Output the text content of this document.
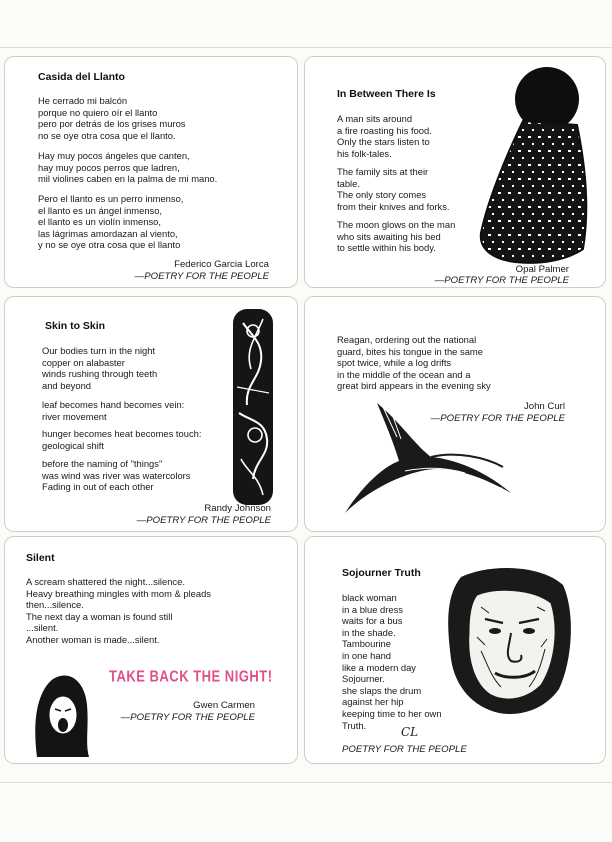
Casida del Llanto
He cerrado mi balcón
porque no quiero oír el llanto
pero por detrás de los grises muros
no se oye otra cosa que el llanto.
Hay muy pocos ángeles que canten,
hay muy pocos perros que ladren,
mil violines caben en la palma de mi mano.
Pero el llanto es un perro inmenso,
el llanto es un ángel inmenso,
el llanto es un violín inmenso,
las lágrimas amordazan al viento,
y no se oye otra cosa que el llanto
Federico Garcia Lorca
—POETRY FOR THE PEOPLE
In Between There Is
A man sits around
a fire roasting his food.
Only the stars listen to
his folk-tales.
The family sits at their
table.
The only story comes
from their knives and forks.
The moon glows on the man
who sits awaiting his bed
to settle within his body.
Opal Palmer
—POETRY FOR THE PEOPLE
Skin to Skin
Our bodies turn in the night
copper on alabaster
winds rushing through teeth
and beyond
leaf becomes hand becomes vein:
river movement
hunger becomes heat becomes touch:
geological shift
before the naming of "things"
was wind was river was watercolors
Fading in out of each other
Randy Johnson
—POETRY FOR THE PEOPLE
Reagan, ordering out the national
guard, bites his tongue in the same
spot twice, while a log drifts
in the middle of the ocean and a
great bird appears in the evening sky
John Curl
—POETRY FOR THE PEOPLE
Silent
A scream shattered the night...silence.
Heavy breathing mingles with mom & pleads
then...silence.
The next day a woman is found still
...silent.
Another woman is made...silent.
TAKE BACK THE NIGHT!
Gwen Carmen
—POETRY FOR THE PEOPLE
Sojourner Truth
black woman
in a blue dress
waits for a bus
in the shade.
Tambourine
in one hand
like a modern day
Sojourner.
she slaps the drum
against her hip
keeping time to her own
Truth.	CL
POETRY FOR THE PEOPLE
